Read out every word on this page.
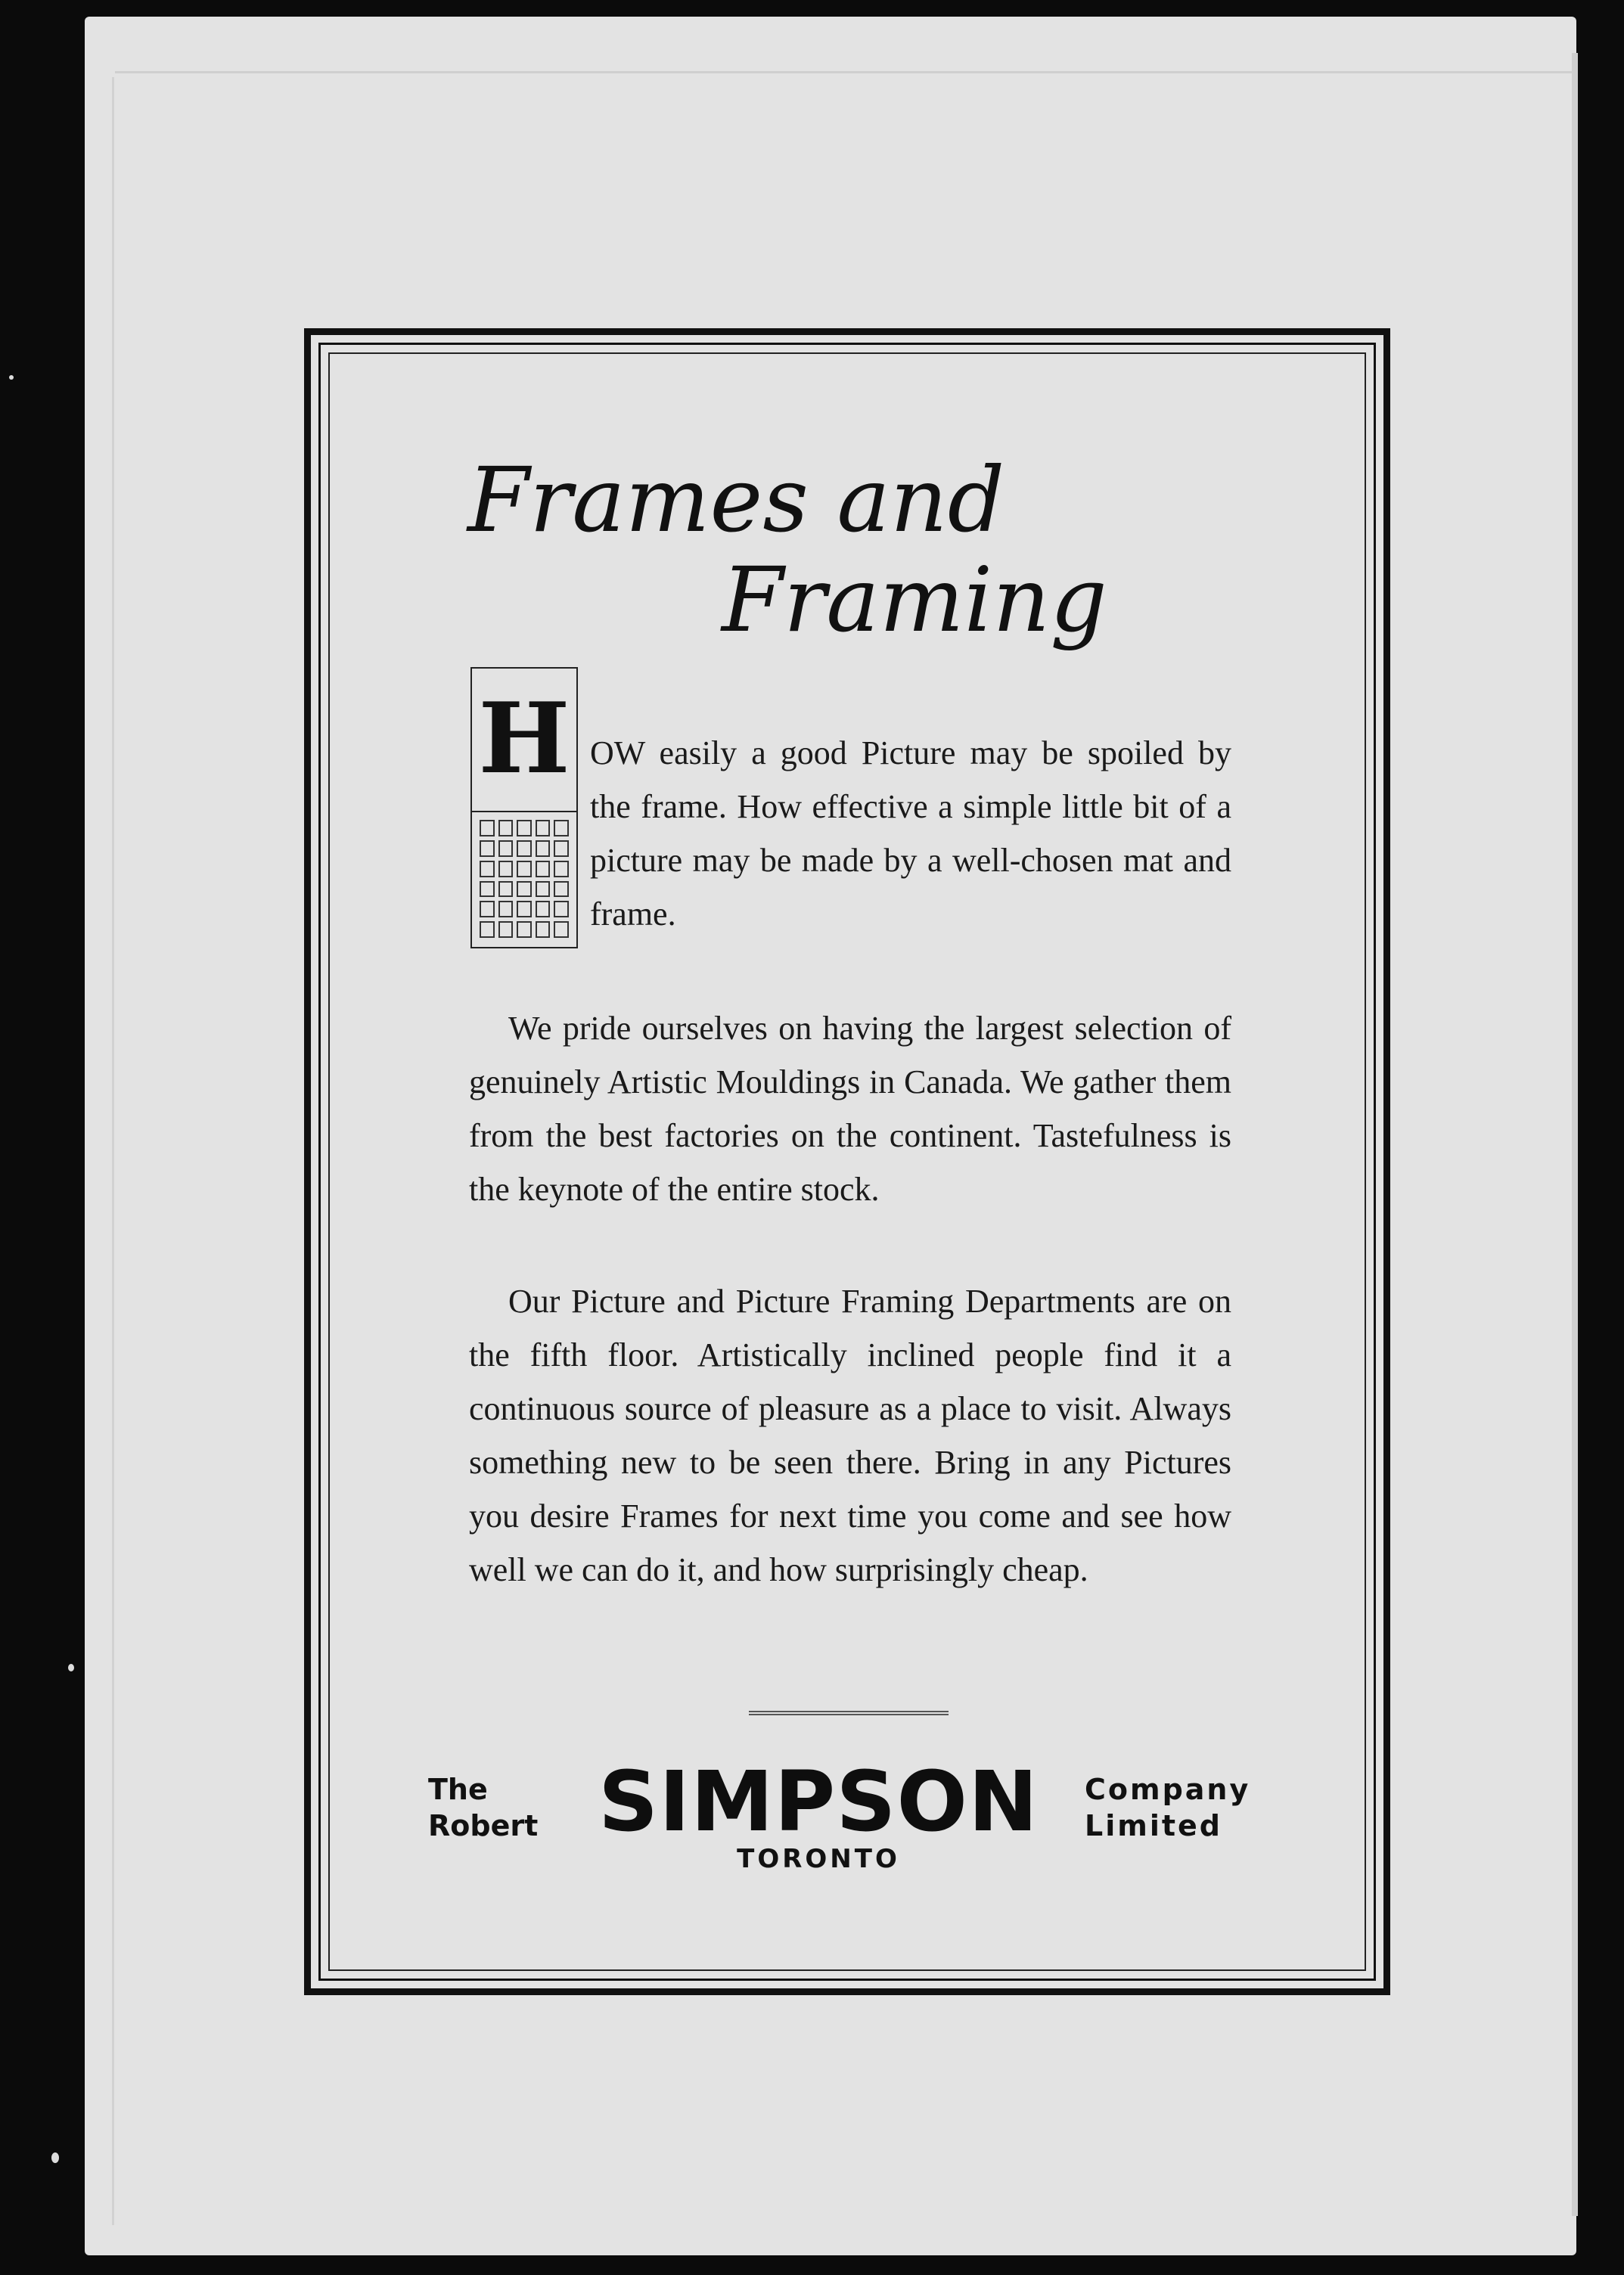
Frames and
Framing
H OW easily a good Picture may be spoiled by the frame. How effective a simple little bit of a picture may be made by a well-chosen mat and frame.

We pride ourselves on having the largest selection of genuinely Artistic Mouldings in Canada. We gather them from the best factories on the continent. Tastefulness is the keynote of the entire stock.

Our Picture and Picture Framing Departments are on the fifth floor. Artistically inclined people find it a continuous source of pleasure as a place to visit. Always something new to be seen there. Bring in any Pictures you desire Frames for next time you come and see how well we can do it, and how surprisingly cheap.

The
Robert SIMPSON Company
Limited
TORONTO
